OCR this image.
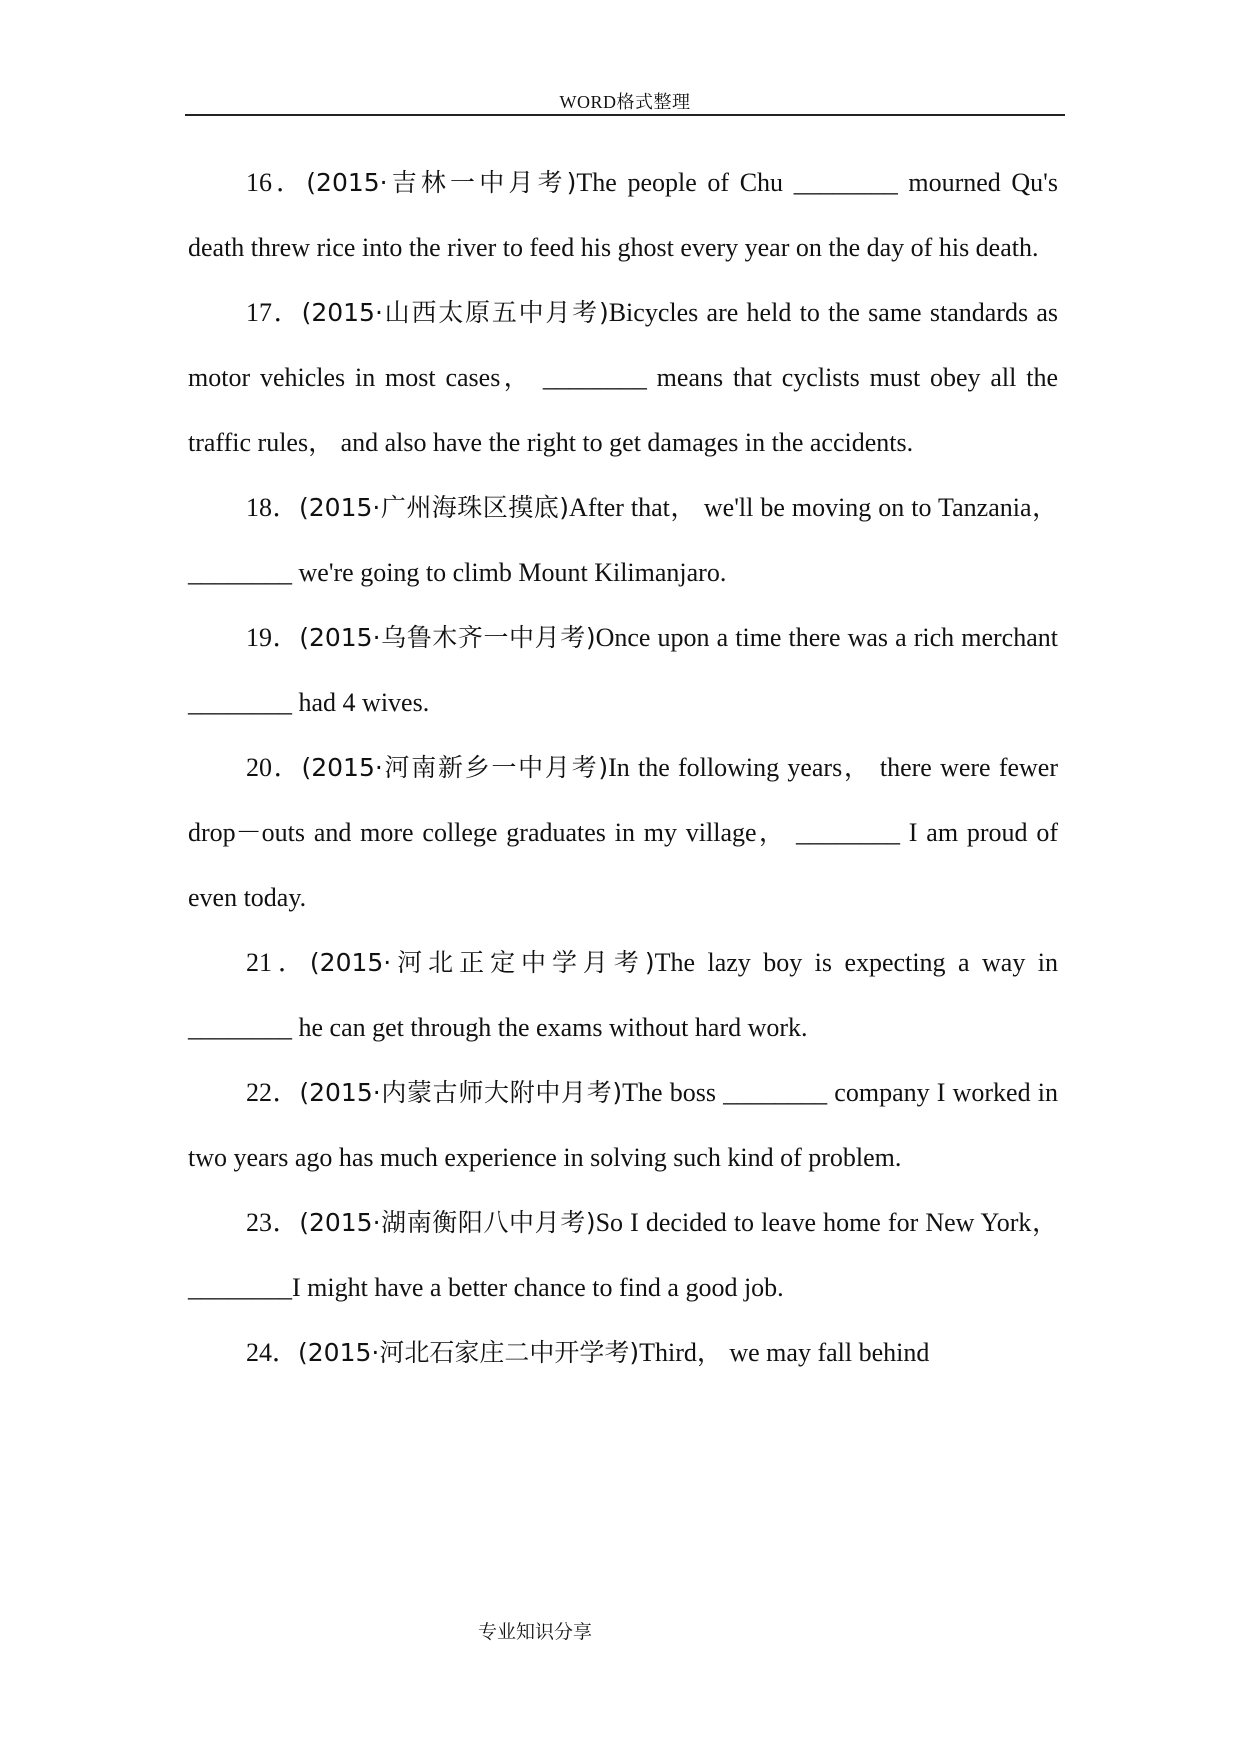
WORD格式整理

16．(2015·吉林一中月考)The people of Chu ________ mourned Qu's death threw rice into the river to feed his ghost every year on the day of his death.

17．(2015·山西太原五中月考)Bicycles are held to the same standards as motor vehicles in most cases， ________ means that cyclists must obey all the traffic rules， and also have the right to get damages in the accidents.

18．(2015·广州海珠区摸底)After that， we'll be moving on to Tanzania， ________ we're going to climb Mount Kilimanjaro.

19．(2015·乌鲁木齐一中月考)Once upon a time there was a rich merchant ________ had 4 wives.

20．(2015·河南新乡一中月考)In the following years， there were fewer drop－outs and more college graduates in my village， ________ I am proud of even today.

21．(2015·河北正定中学月考)The lazy boy is expecting a way in ________ he can get through the exams without hard work.

22．(2015·内蒙古师大附中月考)The boss ________ company I worked in two years ago has much experience in solving such kind of problem.

23．(2015·湖南衡阳八中月考)So I decided to leave home for New York， ________I might have a better chance to find a good job.

24．(2015·河北石家庄二中开学考)Third， we may fall behind

专业知识分享
